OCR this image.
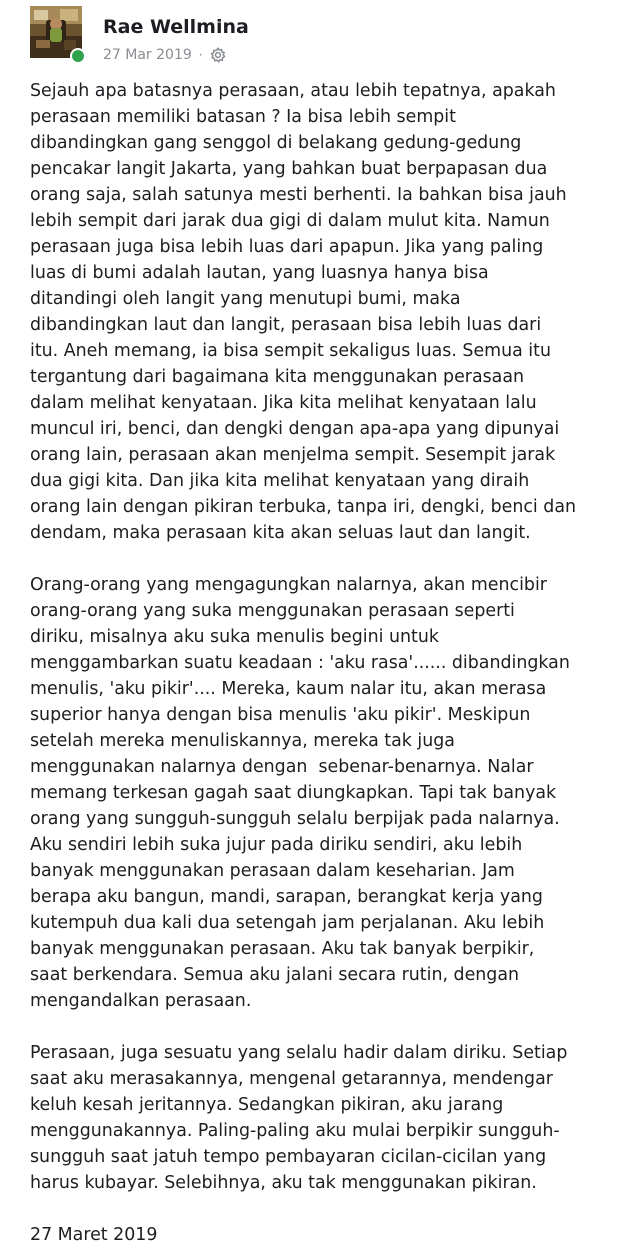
Rae Wellmina
27 Mar 2019 ·
Sejauh apa batasnya perasaan, atau lebih tepatnya, apakah
perasaan memiliki batasan ? Ia bisa lebih sempit
dibandingkan gang senggol di belakang gedung-gedung
pencakar langit Jakarta, yang bahkan buat berpapasan dua
orang saja, salah satunya mesti berhenti. Ia bahkan bisa jauh
lebih sempit dari jarak dua gigi di dalam mulut kita. Namun
perasaan juga bisa lebih luas dari apapun. Jika yang paling
luas di bumi adalah lautan, yang luasnya hanya bisa
ditandingi oleh langit yang menutupi bumi, maka
dibandingkan laut dan langit, perasaan bisa lebih luas dari
itu. Aneh memang, ia bisa sempit sekaligus luas. Semua itu
tergantung dari bagaimana kita menggunakan perasaan
dalam melihat kenyataan. Jika kita melihat kenyataan lalu
muncul iri, benci, dan dengki dengan apa-apa yang dipunyai
orang lain, perasaan akan menjelma sempit. Sesempit jarak
dua gigi kita. Dan jika kita melihat kenyataan yang diraih
orang lain dengan pikiran terbuka, tanpa iri, dengki, benci dan
dendam, maka perasaan kita akan seluas laut dan langit.
Orang-orang yang mengagungkan nalarnya, akan mencibir
orang-orang yang suka menggunakan perasaan seperti
diriku, misalnya aku suka menulis begini untuk
menggambarkan suatu keadaan : 'aku rasa'...... dibandingkan
menulis, 'aku pikir'.... Mereka, kaum nalar itu, akan merasa
superior hanya dengan bisa menulis 'aku pikir'. Meskipun
setelah mereka menuliskannya, mereka tak juga
menggunakan nalarnya dengan  sebenar-benarnya. Nalar
memang terkesan gagah saat diungkapkan. Tapi tak banyak
orang yang sungguh-sungguh selalu berpijak pada nalarnya.
Aku sendiri lebih suka jujur pada diriku sendiri, aku lebih
banyak menggunakan perasaan dalam keseharian. Jam
berapa aku bangun, mandi, sarapan, berangkat kerja yang
kutempuh dua kali dua setengah jam perjalanan. Aku lebih
banyak menggunakan perasaan. Aku tak banyak berpikir,
saat berkendara. Semua aku jalani secara rutin, dengan
mengandalkan perasaan.
Perasaan, juga sesuatu yang selalu hadir dalam diriku. Setiap
saat aku merasakannya, mengenal getarannya, mendengar
keluh kesah jeritannya. Sedangkan pikiran, aku jarang
menggunakannya. Paling-paling aku mulai berpikir sungguh-
sungguh saat jatuh tempo pembayaran cicilan-cicilan yang
harus kubayar. Selebihnya, aku tak menggunakan pikiran.
27 Maret 2019
